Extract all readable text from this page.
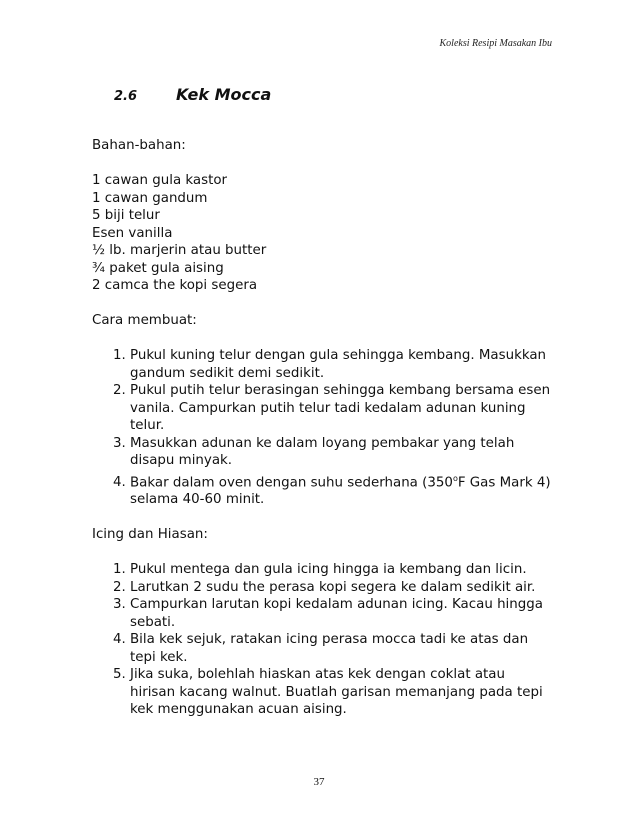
Koleksi Resipi Masakan Ibu
2.6	Kek Mocca

Bahan-bahan:

1 cawan gula kastor
1 cawan gandum
5 biji telur
Esen vanilla
½ lb. marjerin atau butter
¾ paket gula aising
2 camca the kopi segera

Cara membuat:

1. Pukul kuning telur dengan gula sehingga kembang. Masukkan gandum sedikit demi sedikit.
2. Pukul putih telur berasingan sehingga kembang bersama esen vanila. Campurkan putih telur tadi kedalam adunan kuning telur.
3. Masukkan adunan ke dalam loyang pembakar yang telah disapu minyak.
4. Bakar dalam oven dengan suhu sederhana (350$^o$F Gas Mark 4) selama 40-60 minit.

Icing dan Hiasan:

1. Pukul mentega dan gula icing hingga ia kembang dan licin.
2. Larutkan 2 sudu the perasa kopi segera ke dalam sedikit air.
3. Campurkan larutan kopi kedalam adunan icing. Kacau hingga sebati.
4. Bila kek sejuk, ratakan icing perasa mocca tadi ke atas dan tepi kek.
5. Jika suka, bolehlah hiaskan atas kek dengan coklat atau hirisan kacang walnut. Buatlah garisan memanjang pada tepi kek menggunakan acuan aising.
37
